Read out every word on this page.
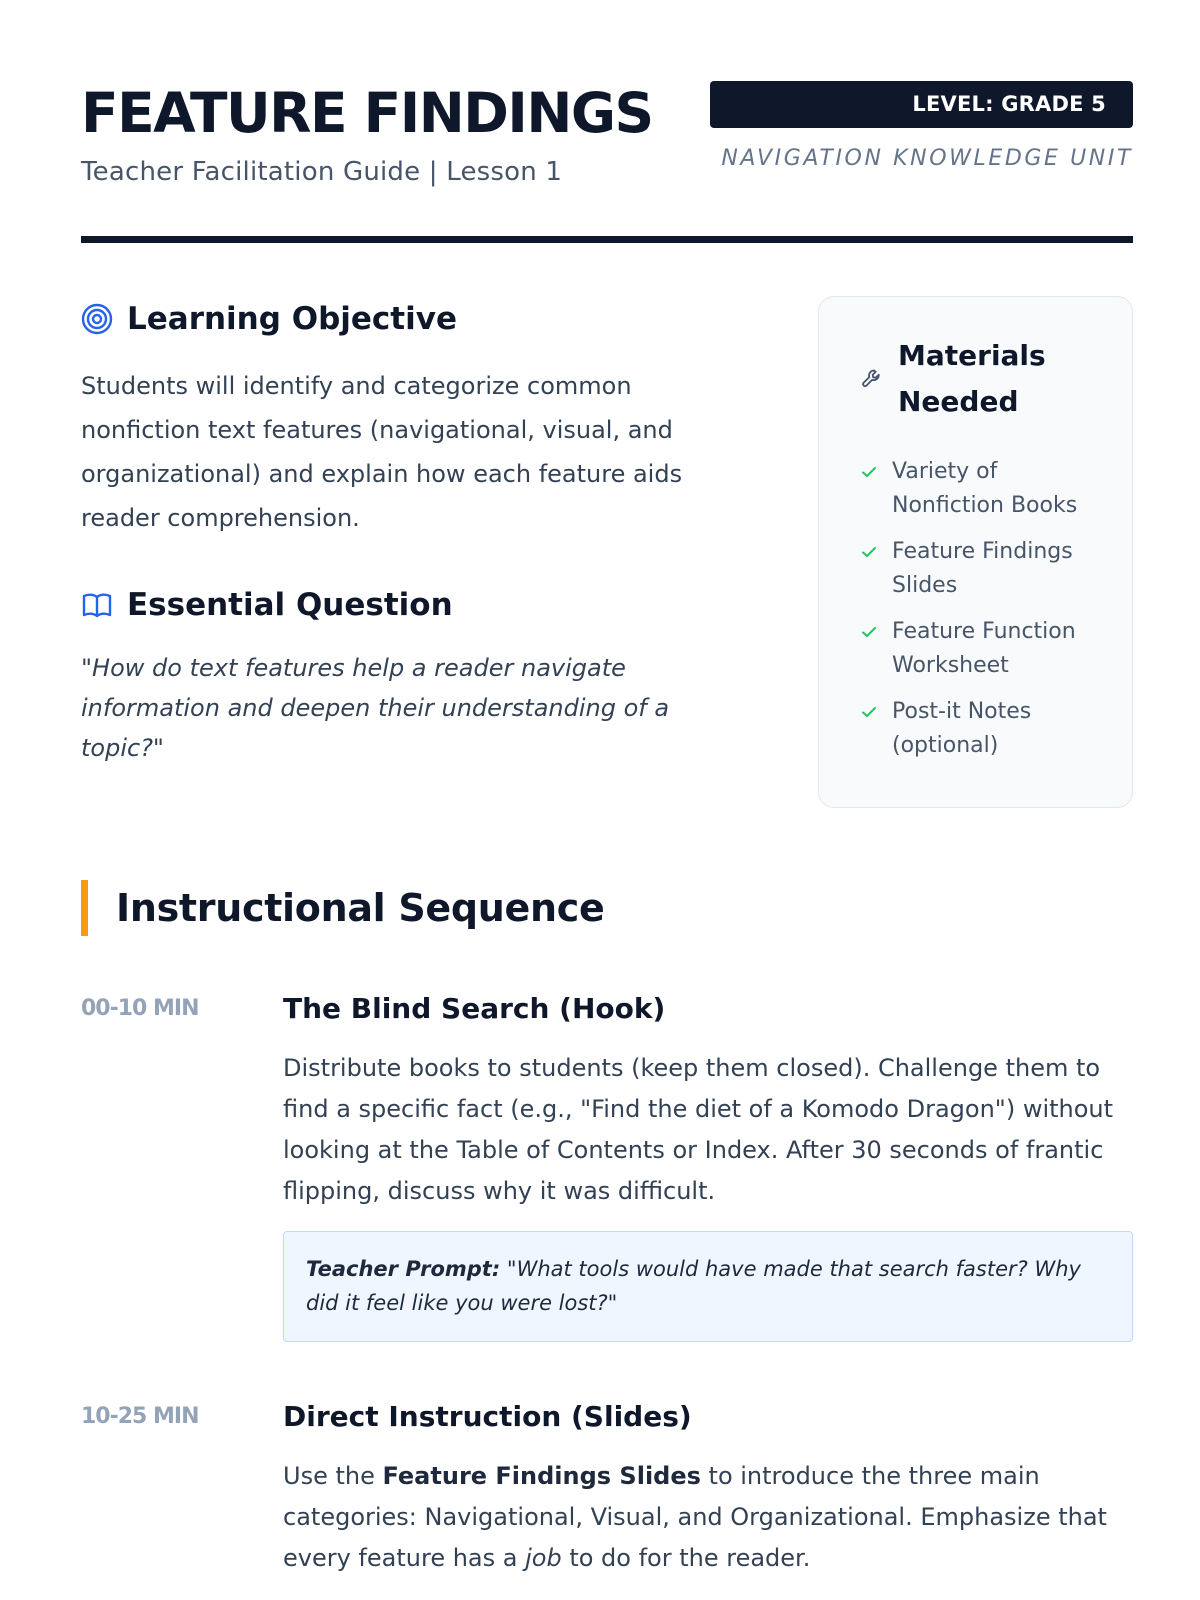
FEATURE FINDINGS
Teacher Facilitation Guide | Lesson 1
LEVEL: GRADE 5
NAVIGATION KNOWLEDGE UNIT
Learning Objective

Students will identify and categorize common nonfiction text features (navigational, visual, and organizational) and explain how each feature aids reader comprehension.

Essential Question

"How do text features help a reader navigate information and deepen their understanding of a topic?"

Materials Needed
Variety of Nonfiction Books
Feature Findings Slides
Feature Function Worksheet
Post-it Notes (optional)
Instructional Sequence
00-10 MIN	The Blind Search (Hook)

Distribute books to students (keep them closed). Challenge them to find a specific fact (e.g., "Find the diet of a Komodo Dragon") without looking at the Table of Contents or Index. After 30 seconds of frantic flipping, discuss why it was difficult.

Teacher Prompt: "What tools would have made that search faster? Why did it feel like you were lost?"
10-25 MIN	Direct Instruction (Slides)

Use the Feature Findings Slides to introduce the three main categories: Navigational, Visual, and Organizational. Emphasize that every feature has a job to do for the reader.
